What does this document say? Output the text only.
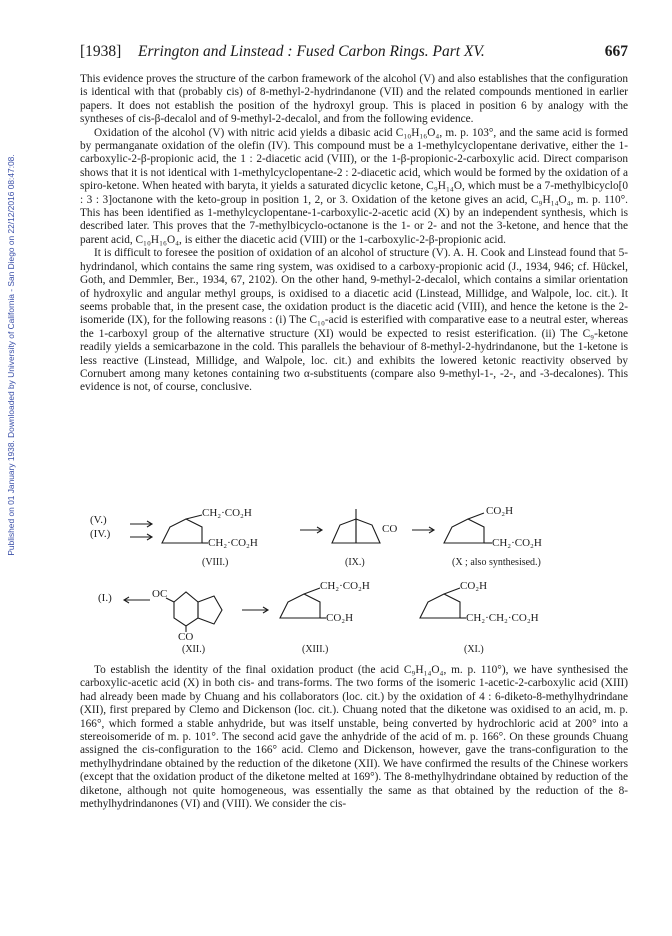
Published on 01 January 1938. Downloaded by University of California - San Diego on 22/12/2016 08:47:08.
[1938] Errington and Linstead : Fused Carbon Rings. Part XV.	667

This evidence proves the structure of the carbon framework of the alcohol (V) and also establishes that the configuration is identical with that (probably cis) of 8-methyl-2-hydrindanone (VII) and the related compounds mentioned in earlier papers. It does not establish the position of the hydroxyl group. This is placed in position 6 by analogy with the syntheses of cis-β-decalol and of 9-methyl-2-decalol, and from the following evidence.

Oxidation of the alcohol (V) with nitric acid yields a dibasic acid C₁₀H₁₆O₄, m. p. 103°, and the same acid is formed by permanganate oxidation of the olefin (IV). This compound must be a 1-methylcyclopentane derivative, either the 1-carboxylic-2-β-propionic acid, the 1 : 2-diacetic acid (VIII), or the 1-β-propionic-2-carboxylic acid. Direct comparison shows that it is not identical with 1-methylcyclopentane-2 : 2-diacetic acid, which would be formed by the oxidation of a spiro-ketone. When heated with baryta, it yields a saturated dicyclic ketone, C₉H₁₄O, which must be a 7-methylbicyclo[0 : 3 : 3]octanone with the keto-group in position 1, 2, or 3. Oxidation of the ketone gives an acid, C₉H₁₄O₄, m. p. 110°. This has been identified as 1-methylcyclopentane-1-carboxylic-2-acetic acid (X) by an independent synthesis, which is described later. This proves that the 7-methylbicyclo-octanone is the 1- or 2- and not the 3-ketone, and hence that the parent acid, C₁₀H₁₆O₄, is either the diacetic acid (VIII) or the 1-carboxylic-2-β-propionic acid.

It is difficult to foresee the position of oxidation of an alcohol of structure (V). A. H. Cook and Linstead found that 5-hydrindanol, which contains the same ring system, was oxidised to a carboxy-propionic acid (J., 1934, 946; cf. Hückel, Goth, and Demmler, Ber., 1934, 67, 2102). On the other hand, 9-methyl-2-decalol, which contains a similar orientation of hydroxylic and angular methyl groups, is oxidised to a diacetic acid (Linstead, Millidge, and Walpole, loc. cit.). It seems probable that, in the present case, the oxidation product is the diacetic acid (VIII), and hence the ketone is the 2-isomeride (IX), for the following reasons : (i) The C₁₀-acid is esterified with comparative ease to a neutral ester, whereas the 1-carboxyl group of the alternative structure (XI) would be expected to resist esterification. (ii) The C₉-ketone readily yields a semicarbazone in the cold. This parallels the behaviour of 8-methyl-2-hydrindanone, but the 1-ketone is less reactive (Linstead, Millidge, and Walpole, loc. cit.) and exhibits the lowered ketonic reactivity observed by Cornubert among many ketones containing two α-substituents (compare also 9-methyl-1-, -2-, and -3-decalones). This evidence is not, of course, conclusive.

(V.)
(IV.)
CH₂·CO₂H
CH₂·CO₂H
(VIII.)
CO
(IX.)
CO₂H
CH₂·CO₂H
(X ; also synthesised.)
(I.)	OC
CO
(XII.)
CH₂·CO₂H
CO₂H
(XIII.)
CO₂H
CH₂·CH₂·CO₂H
(XI.)

To establish the identity of the final oxidation product (the acid C₉H₁₄O₄, m. p. 110°), we have synthesised the carboxylic-acetic acid (X) in both cis- and trans-forms. The two forms of the isomeric 1-acetic-2-carboxylic acid (XIII) had already been made by Chuang and his collaborators (loc. cit.) by the oxidation of 4 : 6-diketo-8-methylhydrindane (XII), first prepared by Clemo and Dickenson (loc. cit.). Chuang noted that the diketone was oxidised to an acid, m. p. 166°, which formed a stable anhydride, but was itself unstable, being converted by hydrochloric acid at 200° into a stereoisomeride of m. p. 101°. The second acid gave the anhydride of the acid of m. p. 166°. On these grounds Chuang assigned the cis-configuration to the 166° acid. Clemo and Dickenson, however, gave the trans-configuration to the methylhydrindane obtained by the reduction of the diketone (XII). We have confirmed the results of the Chinese workers (except that the oxidation product of the diketone melted at 169°). The 8-methylhydrindane obtained by reduction of the diketone, although not quite homogeneous, was essentially the same as that obtained by the reduction of the 8-methylhydrindanones (VI) and (VIII). We consider the cis-
